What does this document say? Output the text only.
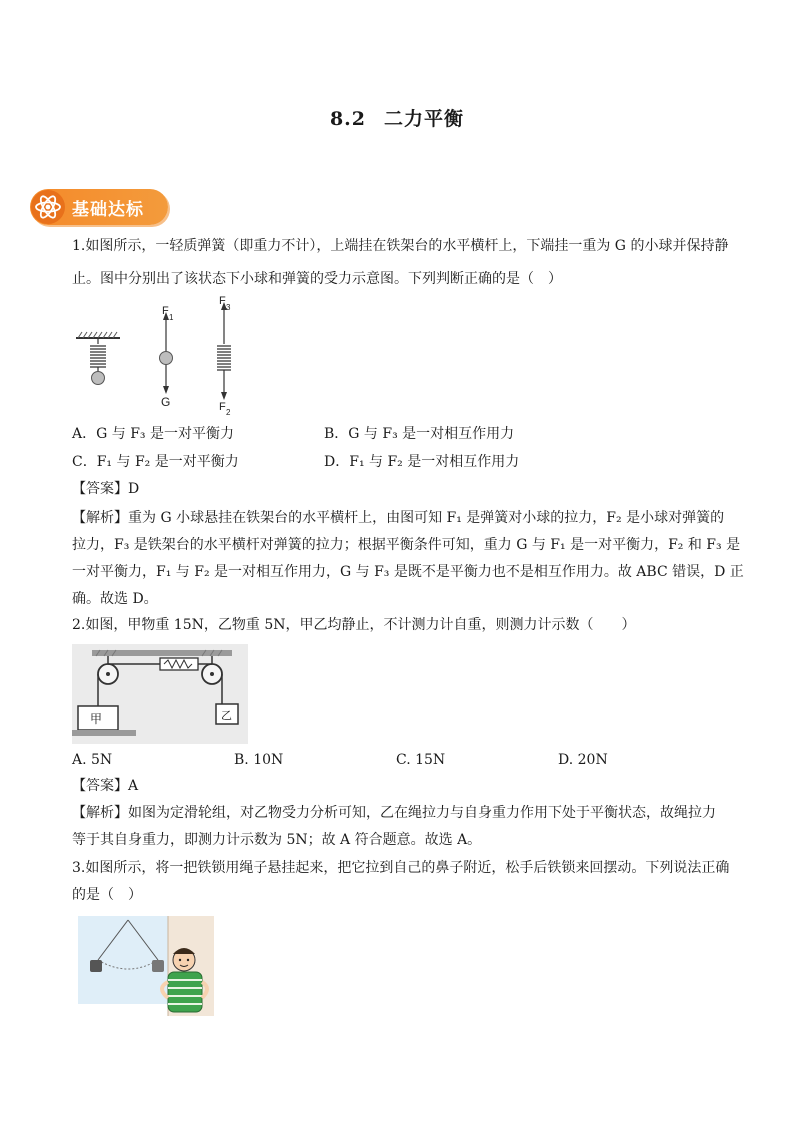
8.2 二力平衡
基础达标
1.如图所示，一轻质弹簧（即重力不计），上端挂在铁架台的水平横杆上，下端挂一重为 G 的小球并保持静
止。图中分别出了该状态下小球和弹簧的受力示意图。下列判断正确的是（　）
F
1
G
F
3
F 2
A．G 与 F₃ 是一对平衡力	B．G 与 F₃ 是一对相互作用力
C．F₁ 与 F₂ 是一对平衡力	D．F₁ 与 F₂ 是一对相互作用力
【答案】D
【解析】重为 G 小球悬挂在铁架台的水平横杆上，由图可知 F₁ 是弹簧对小球的拉力，F₂ 是小球对弹簧的
拉力，F₃ 是铁架台的水平横杆对弹簧的拉力；根据平衡条件可知，重力 G 与 F₁ 是一对平衡力，F₂ 和 F₃ 是
一对平衡力，F₁ 与 F₂ 是一对相互作用力，G 与 F₃ 是既不是平衡力也不是相互作用力。故 ABC 错误，D 正
确。故选 D。
2.如图，甲物重 15N，乙物重 5N，甲乙均静止，不计测力计自重，则测力计示数（　　）
甲	乙
A. 5N	B. 10N	C. 15N	D. 20N
【答案】A
【解析】如图为定滑轮组，对乙物受力分析可知，乙在绳拉力与自身重力作用下处于平衡状态，故绳拉力
等于其自身重力，即测力计示数为 5N；故 A 符合题意。故选 A。
3.如图所示，将一把铁锁用绳子悬挂起来，把它拉到自己的鼻子附近，松手后铁锁来回摆动。下列说法正确
的是（　）
